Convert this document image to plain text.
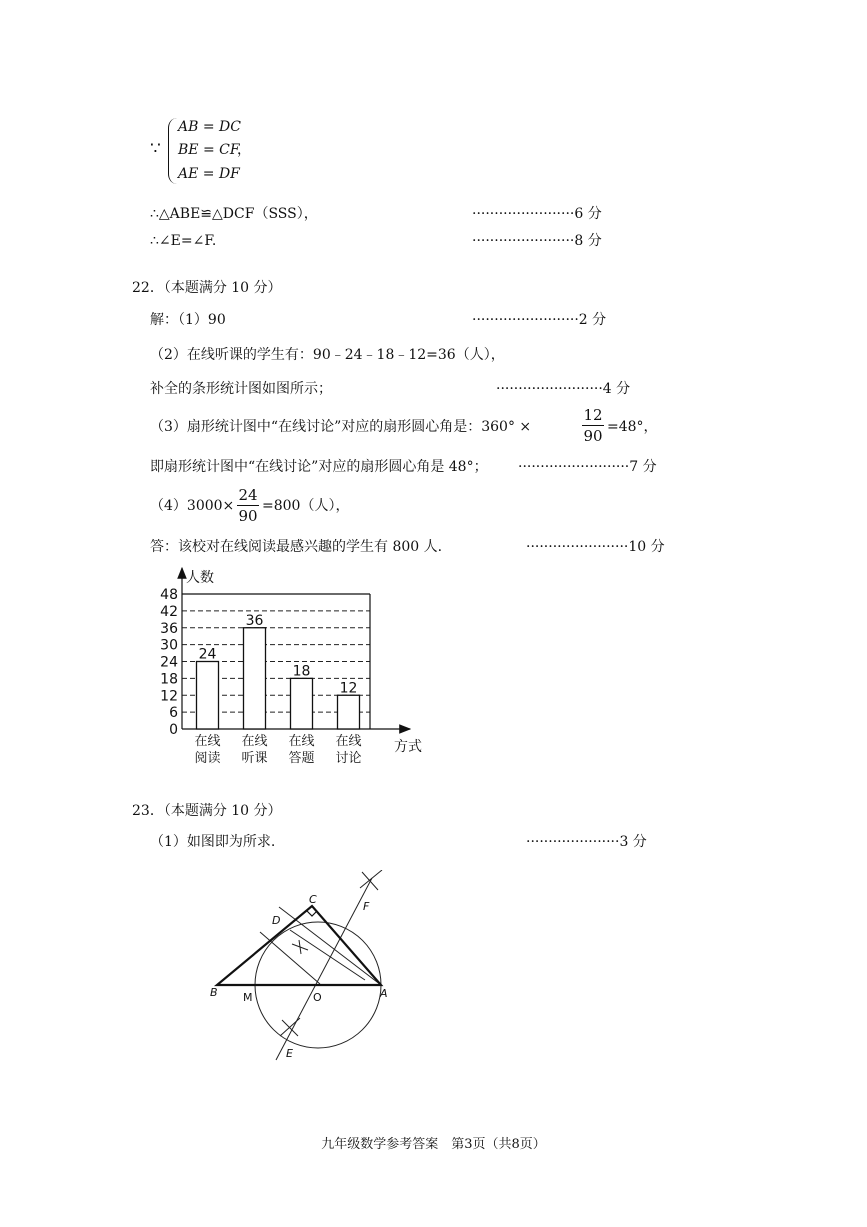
∵
AB = DC
BE = CF
，
AE = DF
∴△ABE≌△DCF（SSS），	·······················6 分
∴∠E=∠F.	·······················8 分
22．（本题满分 10 分）
解：（1）90	························2 分
（2）在线听课的学生有：90﹣24﹣18﹣12=36（人），
补全的条形统计图如图所示；	························4 分
（3）扇形统计图中“在线讨论”对应的扇形圆心角是：360° ×
12
90 =48°，
即扇形统计图中“在线讨论”对应的扇形圆心角是 48°； ·························7 分
（4）3000×
24
90
=800（人），
答：该校对在线阅读最感兴趣的学生有 800 人.	·······················10 分
0
6
12
18
24
30
36
42
48
人数
方式
24
在线
阅读
36
在线
听课
18
在线
答题
12
在线
讨论
23．（本题满分 10 分）
（1）如图即为所求.	·····················3 分
C
D
F
B M	O	A
E
九年级数学参考答案　第3页（共8页）
